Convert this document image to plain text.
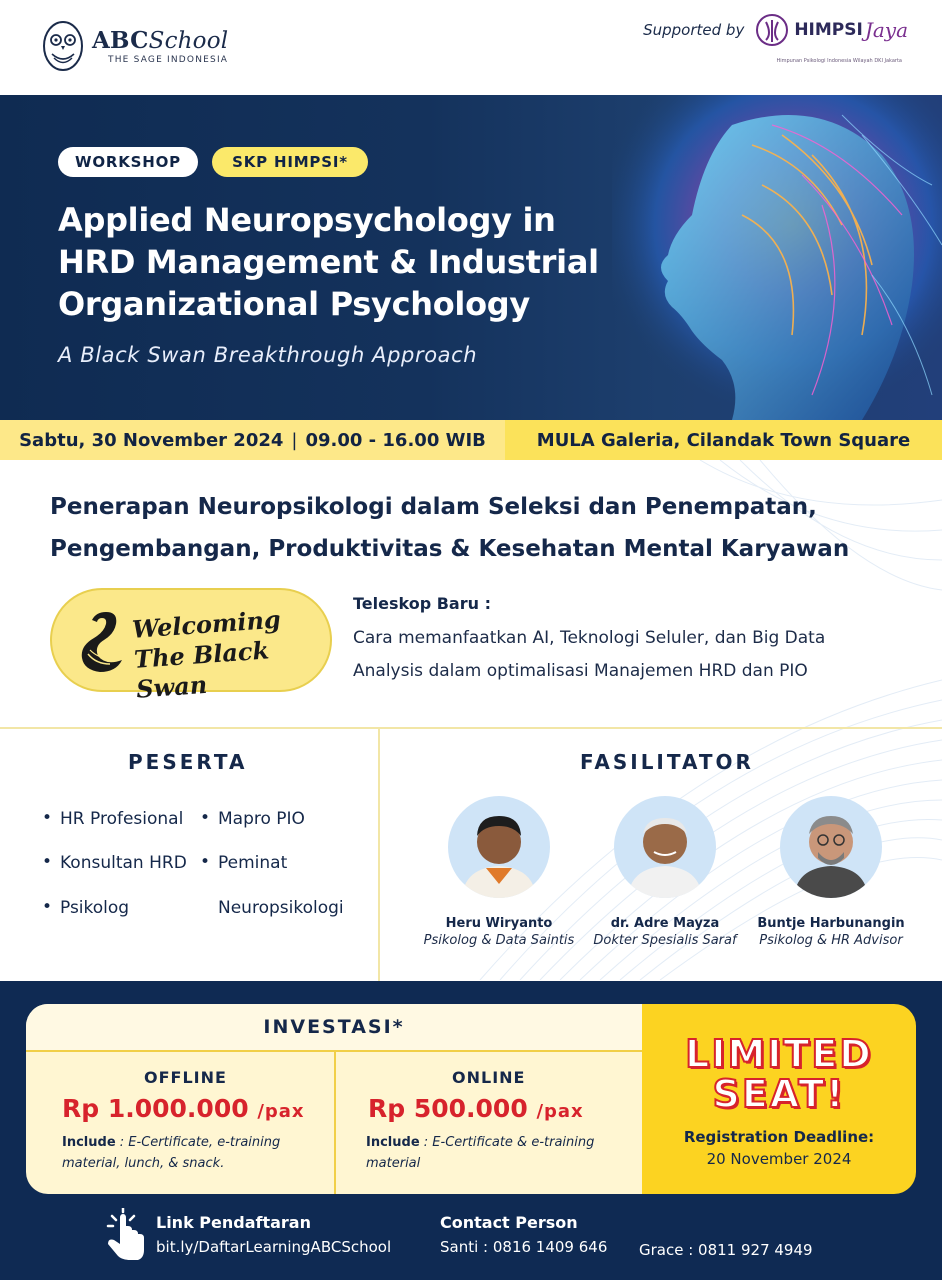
ABCSchool
THE SAGE INDONESIA
Supported by	HIMPSI Jaya
Himpunan Psikologi Indonesia Wilayah DKI Jakarta
WORKSHOP	SKP HIMPSI*
Applied Neuropsychology in
HRD Management & Industrial
Organizational Psychology
A Black Swan Breakthrough Approach
Sabtu, 30 November 2024 | 09.00 - 16.00 WIB	MULA Galeria, Cilandak Town Square
Penerapan Neuropsikologi dalam Seleksi dan Penempatan,
Pengembangan, Produktivitas & Kesehatan Mental Karyawan
Welcoming
The Black Swan
Teleskop Baru :
Cara memanfaatkan AI, Teknologi Seluler, dan Big Data
Analysis dalam optimalisasi Manajemen HRD dan PIO
PESERTA
• HR Profesional
• Konsultan HRD
• Psikolog
• Mapro PIO
• Peminat
Neuropsikologi
FASILITATOR
Heru Wiryanto
Psikolog & Data Saintis
dr. Adre Mayza
Dokter Spesialis Saraf
Buntje Harbunangin
Psikolog & HR Advisor
INVESTASI*
OFFLINE
Rp 1.000.000 /pax
Include : E-Certificate, e-training
material, lunch, & snack.
ONLINE
Rp 500.000 /pax
Include : E-Certificate & e-training
material
LIMITED
SEAT!
Registration Deadline:
20 November 2024
Link Pendaftaran
bit.ly/DaftarLearningABCSchool
Contact Person
Santi : 0816 1409 646 Grace : 0811 927 4949
